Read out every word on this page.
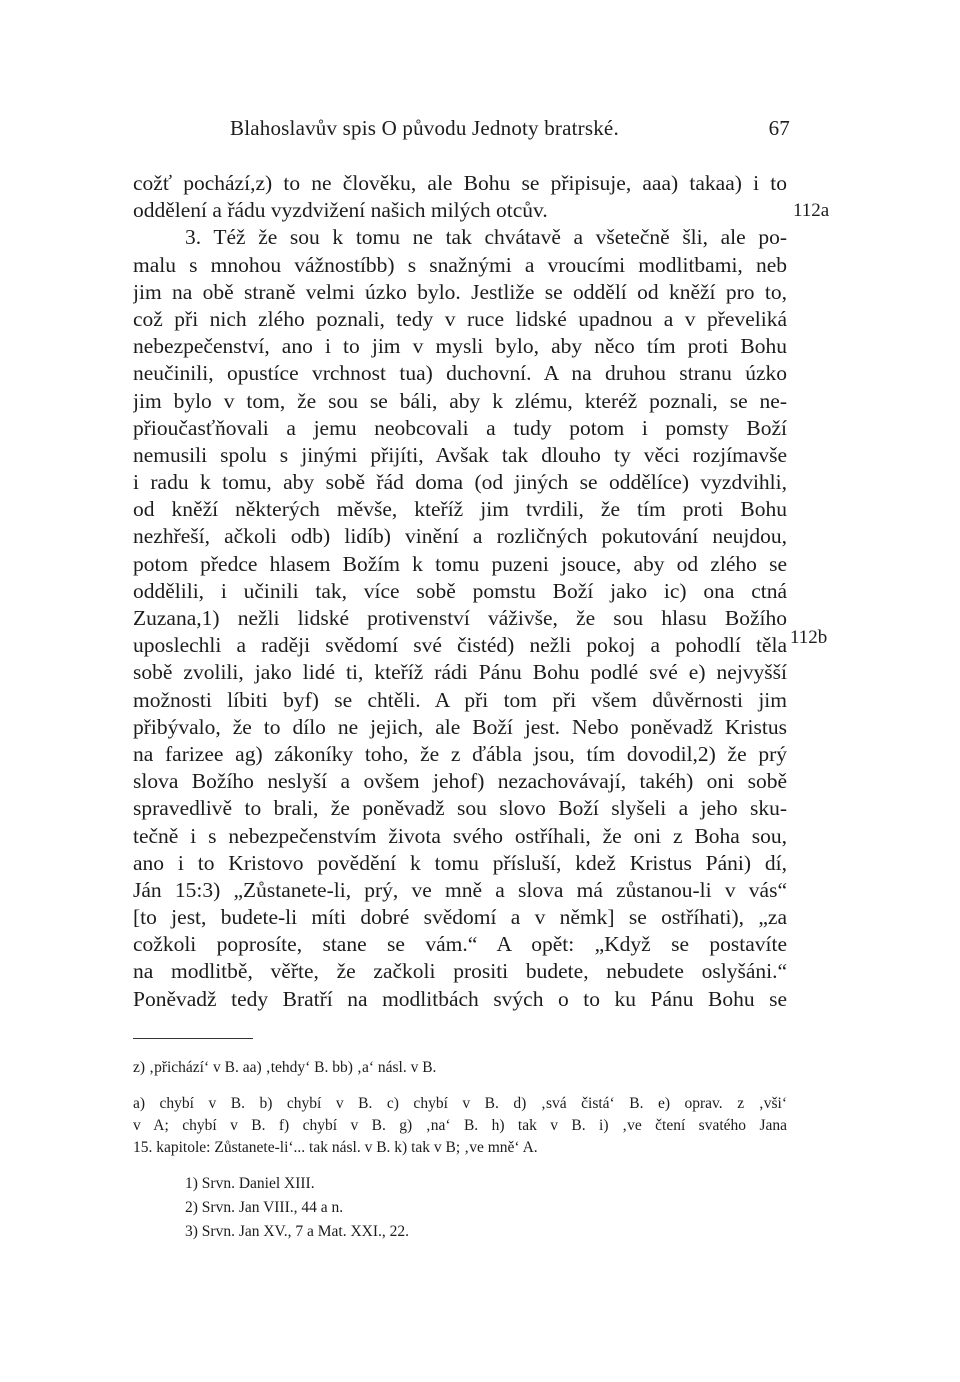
Blahoslavův spis O původu Jednoty bratrské.	67
112a
112b
cožť pochází,z) to ne člověku, ale Bohu se připisuje, aaa) takaa) i to
oddělení a řádu vyzdvižení našich milých otcův.
3. Též že sou k tomu ne tak chvátavě a všetečně šli, ale po-
malu s mnohou vážnostíbb) s snažnými a vroucími modlitbami, neb
jim na obě straně velmi úzko bylo. Jestliže se oddělí od kněží pro to,
což při nich zlého poznali, tedy v ruce lidské upadnou a v převeliká
nebezpečenství, ano i to jim v mysli bylo, aby něco tím proti Bohu
neučinili, opustíce vrchnost tua) duchovní. A na druhou stranu úzko
jim bylo v tom, že sou se báli, aby k zlému, kteréž poznali, se ne-
přioučasťňovali a jemu neobcovali a tudy potom i pomsty Boží
nemusili spolu s jinými přijíti, Avšak tak dlouho ty věci rozjímavše
i radu k tomu, aby sobě řád doma (od jiných se oddělíce) vyzdvihli,
od kněží některých měvše, kteříž jim tvrdili, že tím proti Bohu
nezhřeší, ačkoli odb) lidíb) vinění a rozličných pokutování neujdou,
potom předce hlasem Božím k tomu puzeni jsouce, aby od zlého se
oddělili, i učinili tak, více sobě pomstu Boží jako ic) ona ctná
Zuzana,1) nežli lidské protivenství váživše, že sou hlasu Božího
uposlechli a raději svědomí své čistéd) nežli pokoj a pohodlí těla
sobě zvolili, jako lidé ti, kteříž rádi Pánu Bohu podlé své e) nejvyšší
možnosti líbiti byf) se chtěli. A při tom při všem důvěrnosti jim
přibývalo, že to dílo ne jejich, ale Boží jest. Nebo poněvadž Kristus
na farizee ag) zákoníky toho, že z ďábla jsou, tím dovodil,2) že prý
slova Božího neslyší a ovšem jehof) nezachovávají, takéh) oni sobě
spravedlivě to brali, že poněvadž sou slovo Boží slyšeli a jeho sku-
tečně i s nebezpečenstvím života svého ostříhali, že oni z Boha sou,
ano i to Kristovo povědění k tomu přísluší, kdež Kristus Páni) dí,
Ján 15:3) „Zůstanete-li, prý, ve mně a slova má zůstanou-li v vás“
[to jest, budete-li míti dobré svědomí a v němk] se ostříhati), „za
cožkoli poprosíte, stane se vám.“ A opět: „Když se postavíte
na modlitbě, věřte, že začkoli prositi budete, nebudete oslyšáni.“
Poněvadž tedy Bratří na modlitbách svých o to ku Pánu Bohu se
z) ‚přichází‘ v B. aa) ‚tehdy‘ B. bb) ‚a‘ násl. v B.
a) chybí v B. b) chybí v B. c) chybí v B. d) ‚svá čistá‘ B. e) oprav. z ‚vši‘
v A; chybí v B. f) chybí v B. g) ‚na‘ B. h) tak v B. i) ‚ve čtení svatého Jana
15. kapitole: Zůstanete-li‘... tak násl. v B. k) tak v B; ‚ve mně‘ A.
1) Srvn. Daniel XIII.
2) Srvn. Jan VIII., 44 a n.
3) Srvn. Jan XV., 7 a Mat. XXI., 22.
